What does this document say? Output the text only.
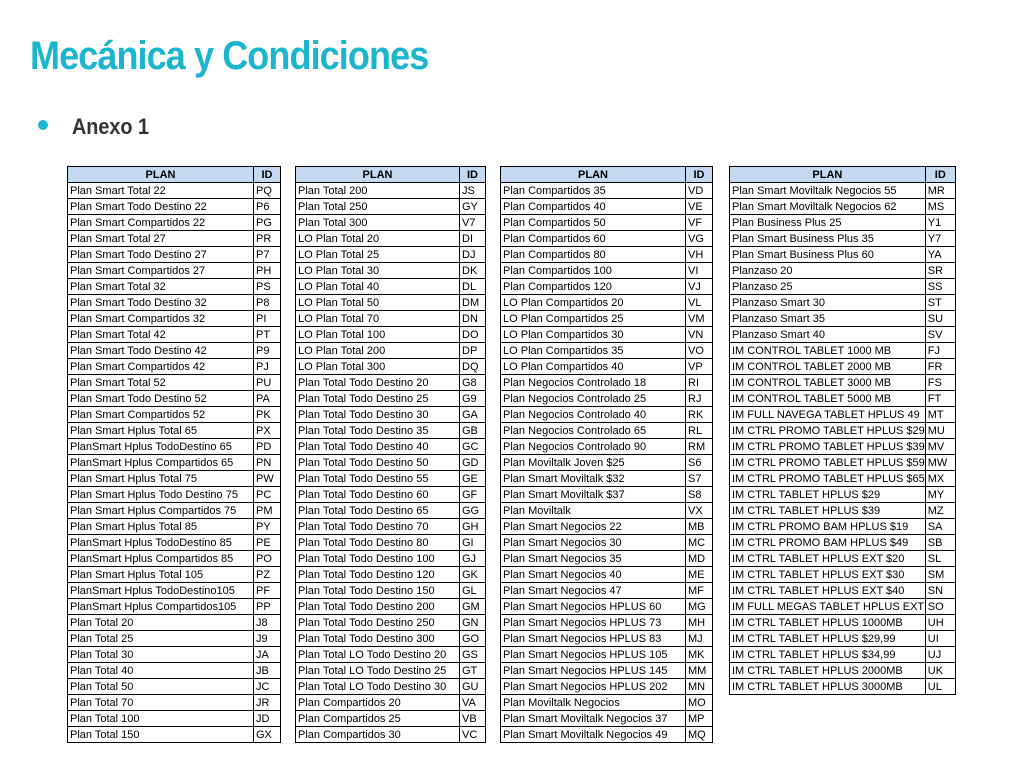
Mecánica y Condiciones
Anexo 1
PLAN	ID
Plan Smart Total 22	PQ
Plan Smart Todo Destino 22	P6
Plan Smart Compartidos 22	PG
Plan Smart Total 27	PR
Plan Smart Todo Destino 27	P7
Plan Smart Compartidos 27	PH
Plan Smart Total 32	PS
Plan Smart Todo Destino 32	P8
Plan Smart Compartidos 32	PI
Plan Smart Total 42	PT
Plan Smart Todo Destino 42	P9
Plan Smart Compartidos 42	PJ
Plan Smart Total 52	PU
Plan Smart Todo Destino 52	PA
Plan Smart Compartidos 52	PK
Plan Smart Hplus Total 65	PX
PlanSmart Hplus TodoDestino 65	PD
PlanSmart Hplus Compartidos 65	PN
Plan Smart Hplus Total 75	PW
Plan Smart Hplus Todo Destino 75	PC
Plan Smart Hplus Compartidos 75	PM
Plan Smart Hplus Total 85	PY
PlanSmart Hplus TodoDestino 85	PE
PlanSmart Hplus Compartidos 85	PO
Plan Smart Hplus Total 105	PZ
PlanSmart Hplus TodoDestino105	PF
PlanSmart Hplus Compartidos105	PP
Plan Total 20	J8
Plan Total 25	J9
Plan Total 30	JA
Plan Total 40	JB
Plan Total 50	JC
Plan Total 70	JR
Plan Total 100	JD
Plan Total 150	GX
PLAN	ID
Plan Total 200	JS
Plan Total 250	GY
Plan Total 300	V7
LO Plan Total 20	DI
LO Plan Total 25	DJ
LO Plan Total 30	DK
LO Plan Total 40	DL
LO Plan Total 50	DM
LO Plan Total 70	DN
LO Plan Total 100	DO
LO Plan Total 200	DP
LO Plan Total 300	DQ
Plan Total Todo Destino 20	G8
Plan Total Todo Destino 25	G9
Plan Total Todo Destino 30	GA
Plan Total Todo Destino 35	GB
Plan Total Todo Destino 40	GC
Plan Total Todo Destino 50	GD
Plan Total Todo Destino 55	GE
Plan Total Todo Destino 60	GF
Plan Total Todo Destino 65	GG
Plan Total Todo Destino 70	GH
Plan Total Todo Destino 80	GI
Plan Total Todo Destino 100	GJ
Plan Total Todo Destino 120	GK
Plan Total Todo Destino 150	GL
Plan Total Todo Destino 200	GM
Plan Total Todo Destino 250	GN
Plan Total Todo Destino 300	GO
Plan Total LO Todo Destino 20	GS
Plan Total LO Todo Destino 25	GT
Plan Total LO Todo Destino 30	GU
Plan Compartidos 20	VA
Plan Compartidos 25	VB
Plan Compartidos 30	VC
PLAN	ID
Plan Compartidos 35	VD
Plan Compartidos 40	VE
Plan Compartidos 50	VF
Plan Compartidos 60	VG
Plan Compartidos 80	VH
Plan Compartidos 100	VI
Plan Compartidos 120	VJ
LO Plan Compartidos 20	VL
LO Plan Compartidos 25	VM
LO Plan Compartidos 30	VN
LO Plan Compartidos 35	VO
LO Plan Compartidos 40	VP
Plan Negocios Controlado 18	RI
Plan Negocios Controlado 25	RJ
Plan Negocios Controlado 40	RK
Plan Negocios Controlado 65	RL
Plan Negocios Controlado 90	RM
Plan Moviltalk Joven $25	S6
Plan Smart Moviltalk $32	S7
Plan Smart Moviltalk $37	S8
Plan Moviltalk	VX
Plan Smart Negocios 22	MB
Plan Smart Negocios 30	MC
Plan Smart Negocios 35	MD
Plan Smart Negocios 40	ME
Plan Smart Negocios 47	MF
Plan Smart Negocios HPLUS 60	MG
Plan Smart Negocios HPLUS 73	MH
Plan Smart Negocios HPLUS 83	MJ
Plan Smart Negocios HPLUS 105	MK
Plan Smart Negocios HPLUS 145	MM
Plan Smart Negocios HPLUS 202	MN
Plan Moviltalk Negocios	MO
Plan Smart Moviltalk Negocios 37	MP
Plan Smart Moviltalk Negocios 49	MQ
PLAN	ID
Plan Smart Moviltalk Negocios 55	MR
Plan Smart Moviltalk Negocios 62	MS
Plan Business Plus 25	Y1
Plan Smart Business Plus 35	Y7
Plan Smart Business Plus 60	YA
Planzaso 20	SR
Planzaso 25	SS
Planzaso Smart 30	ST
Planzaso Smart 35	SU
Planzaso Smart 40	SV
IM CONTROL TABLET 1000 MB	FJ
IM CONTROL TABLET 2000 MB	FR
IM CONTROL TABLET 3000 MB	FS
IM CONTROL TABLET 5000 MB	FT
IM FULL NAVEGA TABLET HPLUS 49	MT
IM CTRL PROMO TABLET HPLUS $29	MU
IM CTRL PROMO TABLET HPLUS $39	MV
IM CTRL PROMO TABLET HPLUS $59	MW
IM CTRL PROMO TABLET HPLUS $65	MX
IM CTRL TABLET HPLUS $29	MY
IM CTRL TABLET HPLUS $39	MZ
IM CTRL PROMO BAM HPLUS $19	SA
IM CTRL PROMO BAM HPLUS $49	SB
IM CTRL TABLET HPLUS EXT $20	SL
IM CTRL TABLET HPLUS EXT $30	SM
IM CTRL TABLET HPLUS EXT $40	SN
IM FULL MEGAS TABLET HPLUS EXT	SO
IM CTRL TABLET HPLUS 1000MB	UH
IM CTRL TABLET HPLUS $29,99	UI
IM CTRL TABLET HPLUS $34,99	UJ
IM CTRL TABLET HPLUS 2000MB	UK
IM CTRL TABLET HPLUS 3000MB	UL
